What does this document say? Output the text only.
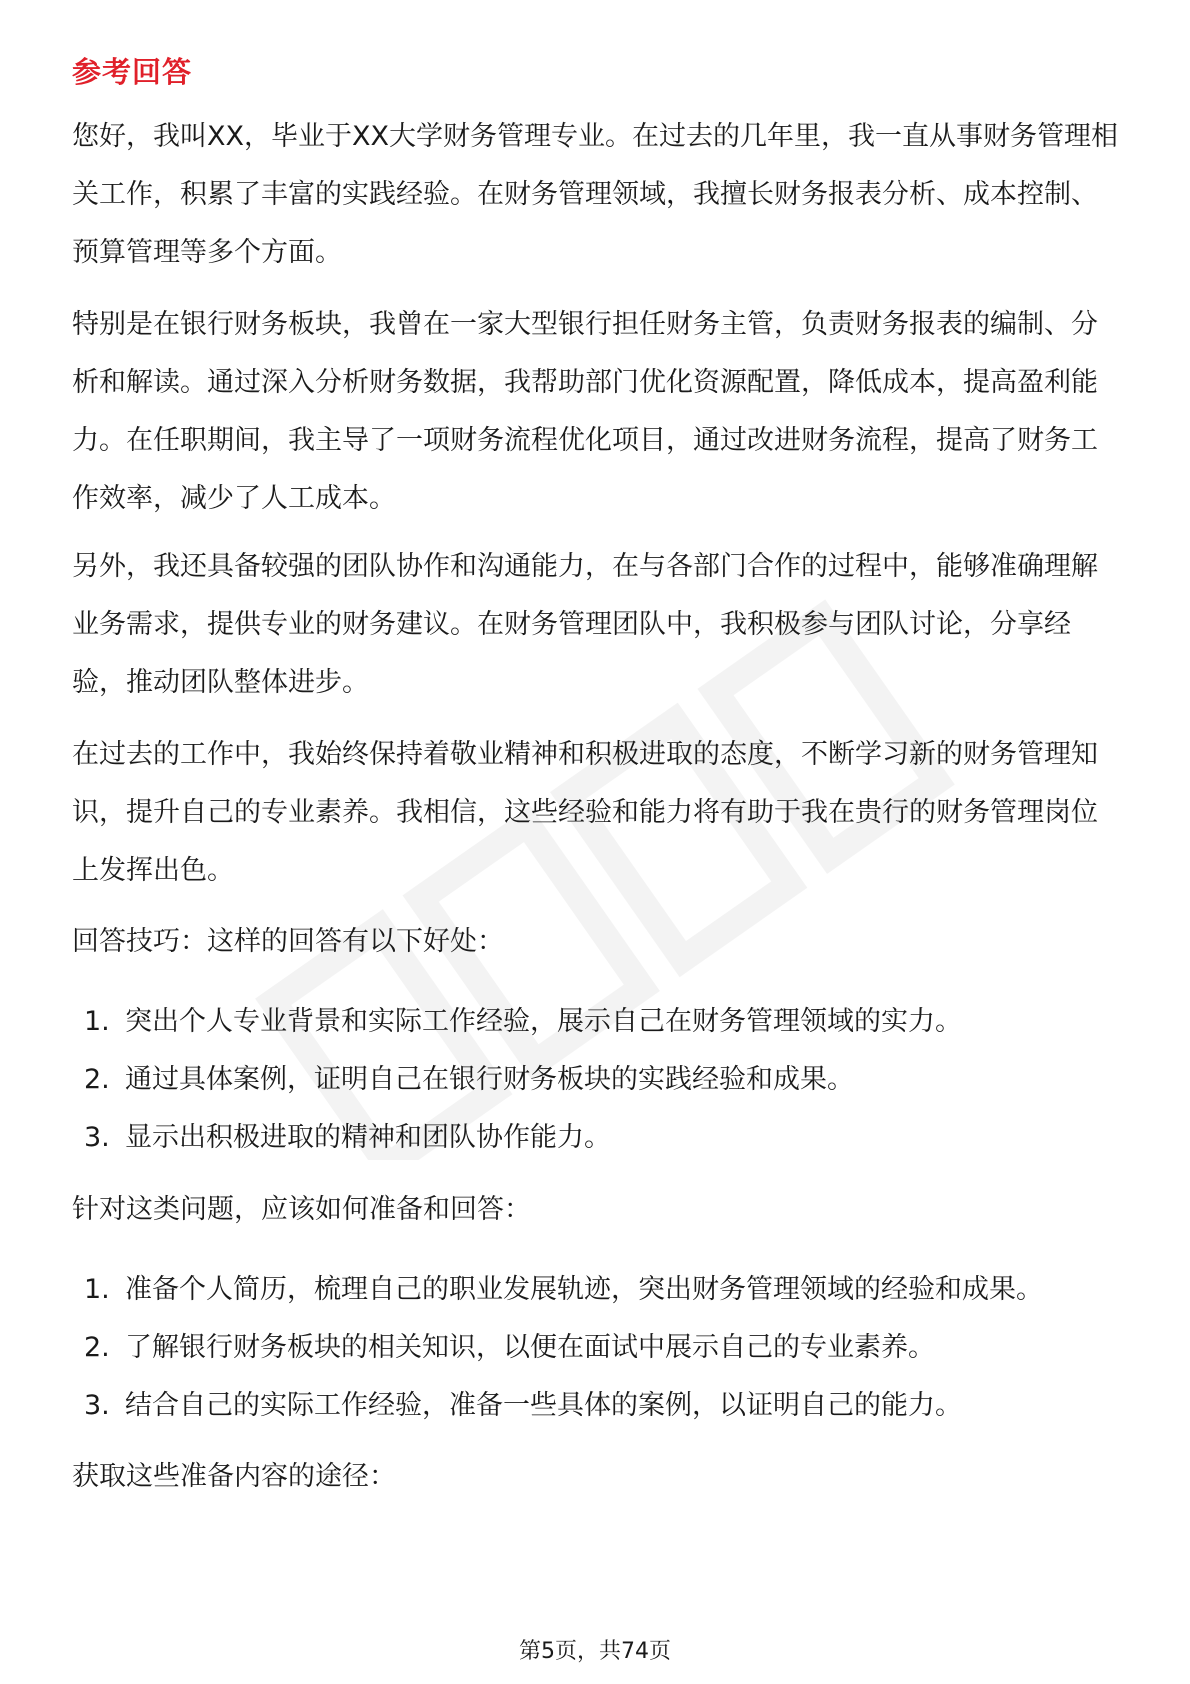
参考回答

您好，我叫XX，毕业于XX大学财务管理专业。在过去的几年里，我一直从事财务管理相关工作，积累了丰富的实践经验。在财务管理领域，我擅长财务报表分析、成本控制、预算管理等多个方面。

特别是在银行财务板块，我曾在一家大型银行担任财务主管，负责财务报表的编制、分析和解读。通过深入分析财务数据，我帮助部门优化资源配置，降低成本，提高盈利能力。在任职期间，我主导了一项财务流程优化项目，通过改进财务流程，提高了财务工作效率，减少了人工成本。

另外，我还具备较强的团队协作和沟通能力，在与各部门合作的过程中，能够准确理解业务需求，提供专业的财务建议。在财务管理团队中，我积极参与团队讨论，分享经验，推动团队整体进步。

在过去的工作中，我始终保持着敬业精神和积极进取的态度，不断学习新的财务管理知识，提升自己的专业素养。我相信，这些经验和能力将有助于我在贵行的财务管理岗位上发挥出色。

回答技巧：这样的回答有以下好处：

1. 突出个人专业背景和实际工作经验，展示自己在财务管理领域的实力。
2. 通过具体案例，证明自己在银行财务板块的实践经验和成果。
3. 显示出积极进取的精神和团队协作能力。

针对这类问题，应该如何准备和回答：

1. 准备个人简历，梳理自己的职业发展轨迹，突出财务管理领域的经验和成果。
2. 了解银行财务板块的相关知识，以便在面试中展示自己的专业素养。
3. 结合自己的实际工作经验，准备一些具体的案例，以证明自己的能力。

获取这些准备内容的途径：

第5页，共74页
